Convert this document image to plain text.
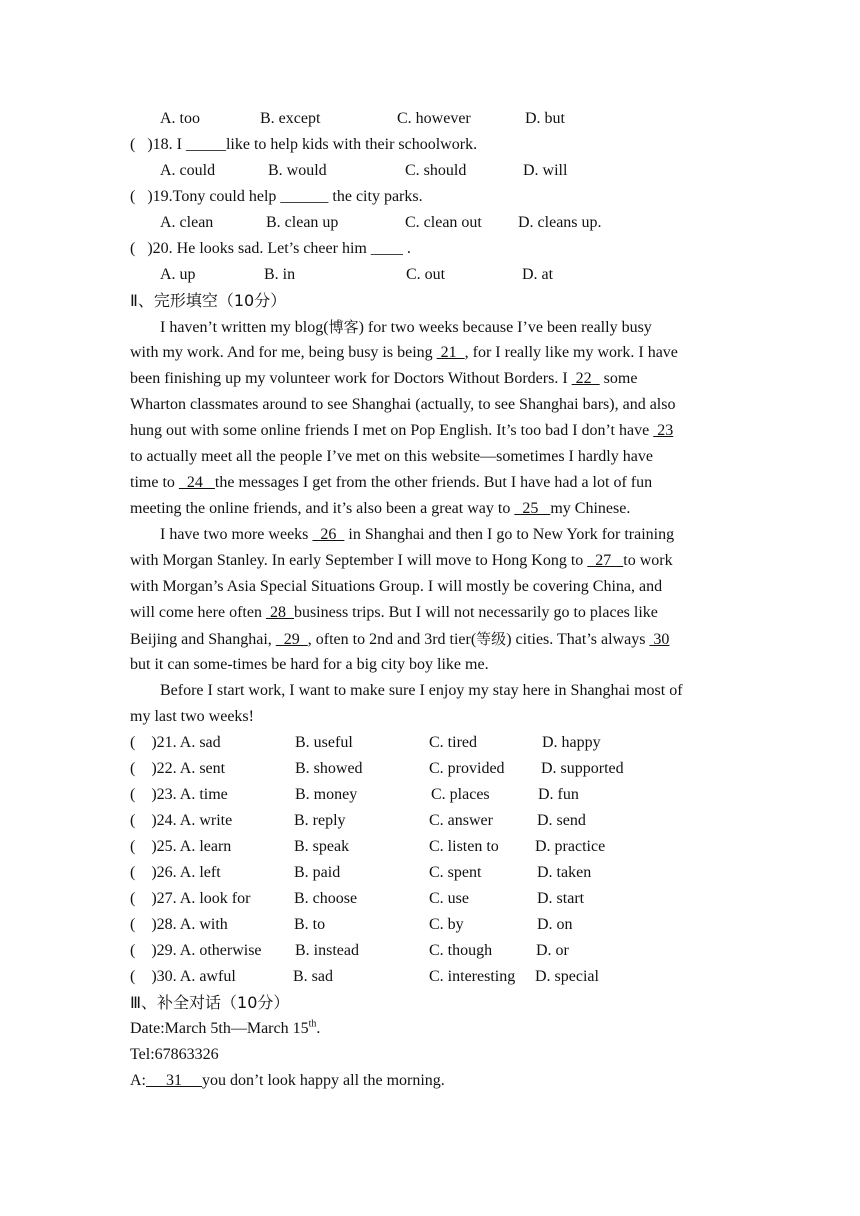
A. too	B. except	C. however	D. but
(   )18. I _____like to help kids with their schoolwork.
A. could	B. would	C. should	D. will
(   )19.Tony could help ______ the city parks.
A. clean	B. clean up	C. clean out D. cleans up.
(   )20. He looks sad. Let’s cheer him ____ .
A. up	B. in	C. out	D. at
Ⅱ、完形填空（10分）
I haven’t written my blog(博客) for two weeks because I’ve been really busy
with my work. And for me, being busy is being  21  , for I really like my work. I have
been finishing up my volunteer work for Doctors Without Borders. I  22   some
Wharton classmates around to see Shanghai (actually, to see Shanghai bars), and also
hung out with some online friends I met on Pop English. It’s too bad I don’t have  23
to actually meet all the people I’ve met on this website—sometimes I hardly have
time to   24   the messages I get from the other friends. But I have had a lot of fun
meeting the online friends, and it’s also been a great way to   25   my Chinese.
I have two more weeks   26   in Shanghai and then I go to New York for training
with Morgan Stanley. In early September I will move to Hong Kong to   27   to work
with Morgan’s Asia Special Situations Group. I will mostly be covering China, and
will come here often  28  business trips. But I will not necessarily go to places like
Beijing and Shanghai,   29  , often to 2nd and 3rd tier(等级) cities. That’s always  30
but it can some-times be hard for a big city boy like me.
Before I start work, I want to make sure I enjoy my stay here in Shanghai most of
my last two weeks!
(    )21. A. sad	B. useful	C. tired	D. happy
(    )22. A. sent	B. showed	C. provided D. supported
(    )23. A. time	B. money	C. places	D. fun
(    )24. A. write	B. reply	C. answer	D. send
(    )25. A. learn	B. speak	C. listen to D. practice
(    )26. A. left	B. paid	C. spent	D. taken
(    )27. A. look for	B. choose	C. use	D. start
(    )28. A. with	B. to	C. by	D. on
(    )29. A. otherwise B. instead	C. though	D. or
(    )30. A. awful	B. sad	C. interesting D. special
Ⅲ、补全对话（10分）
Date:March 5th—March 15th.
Tel:67863326
A:     31     you don’t look happy all the morning.
